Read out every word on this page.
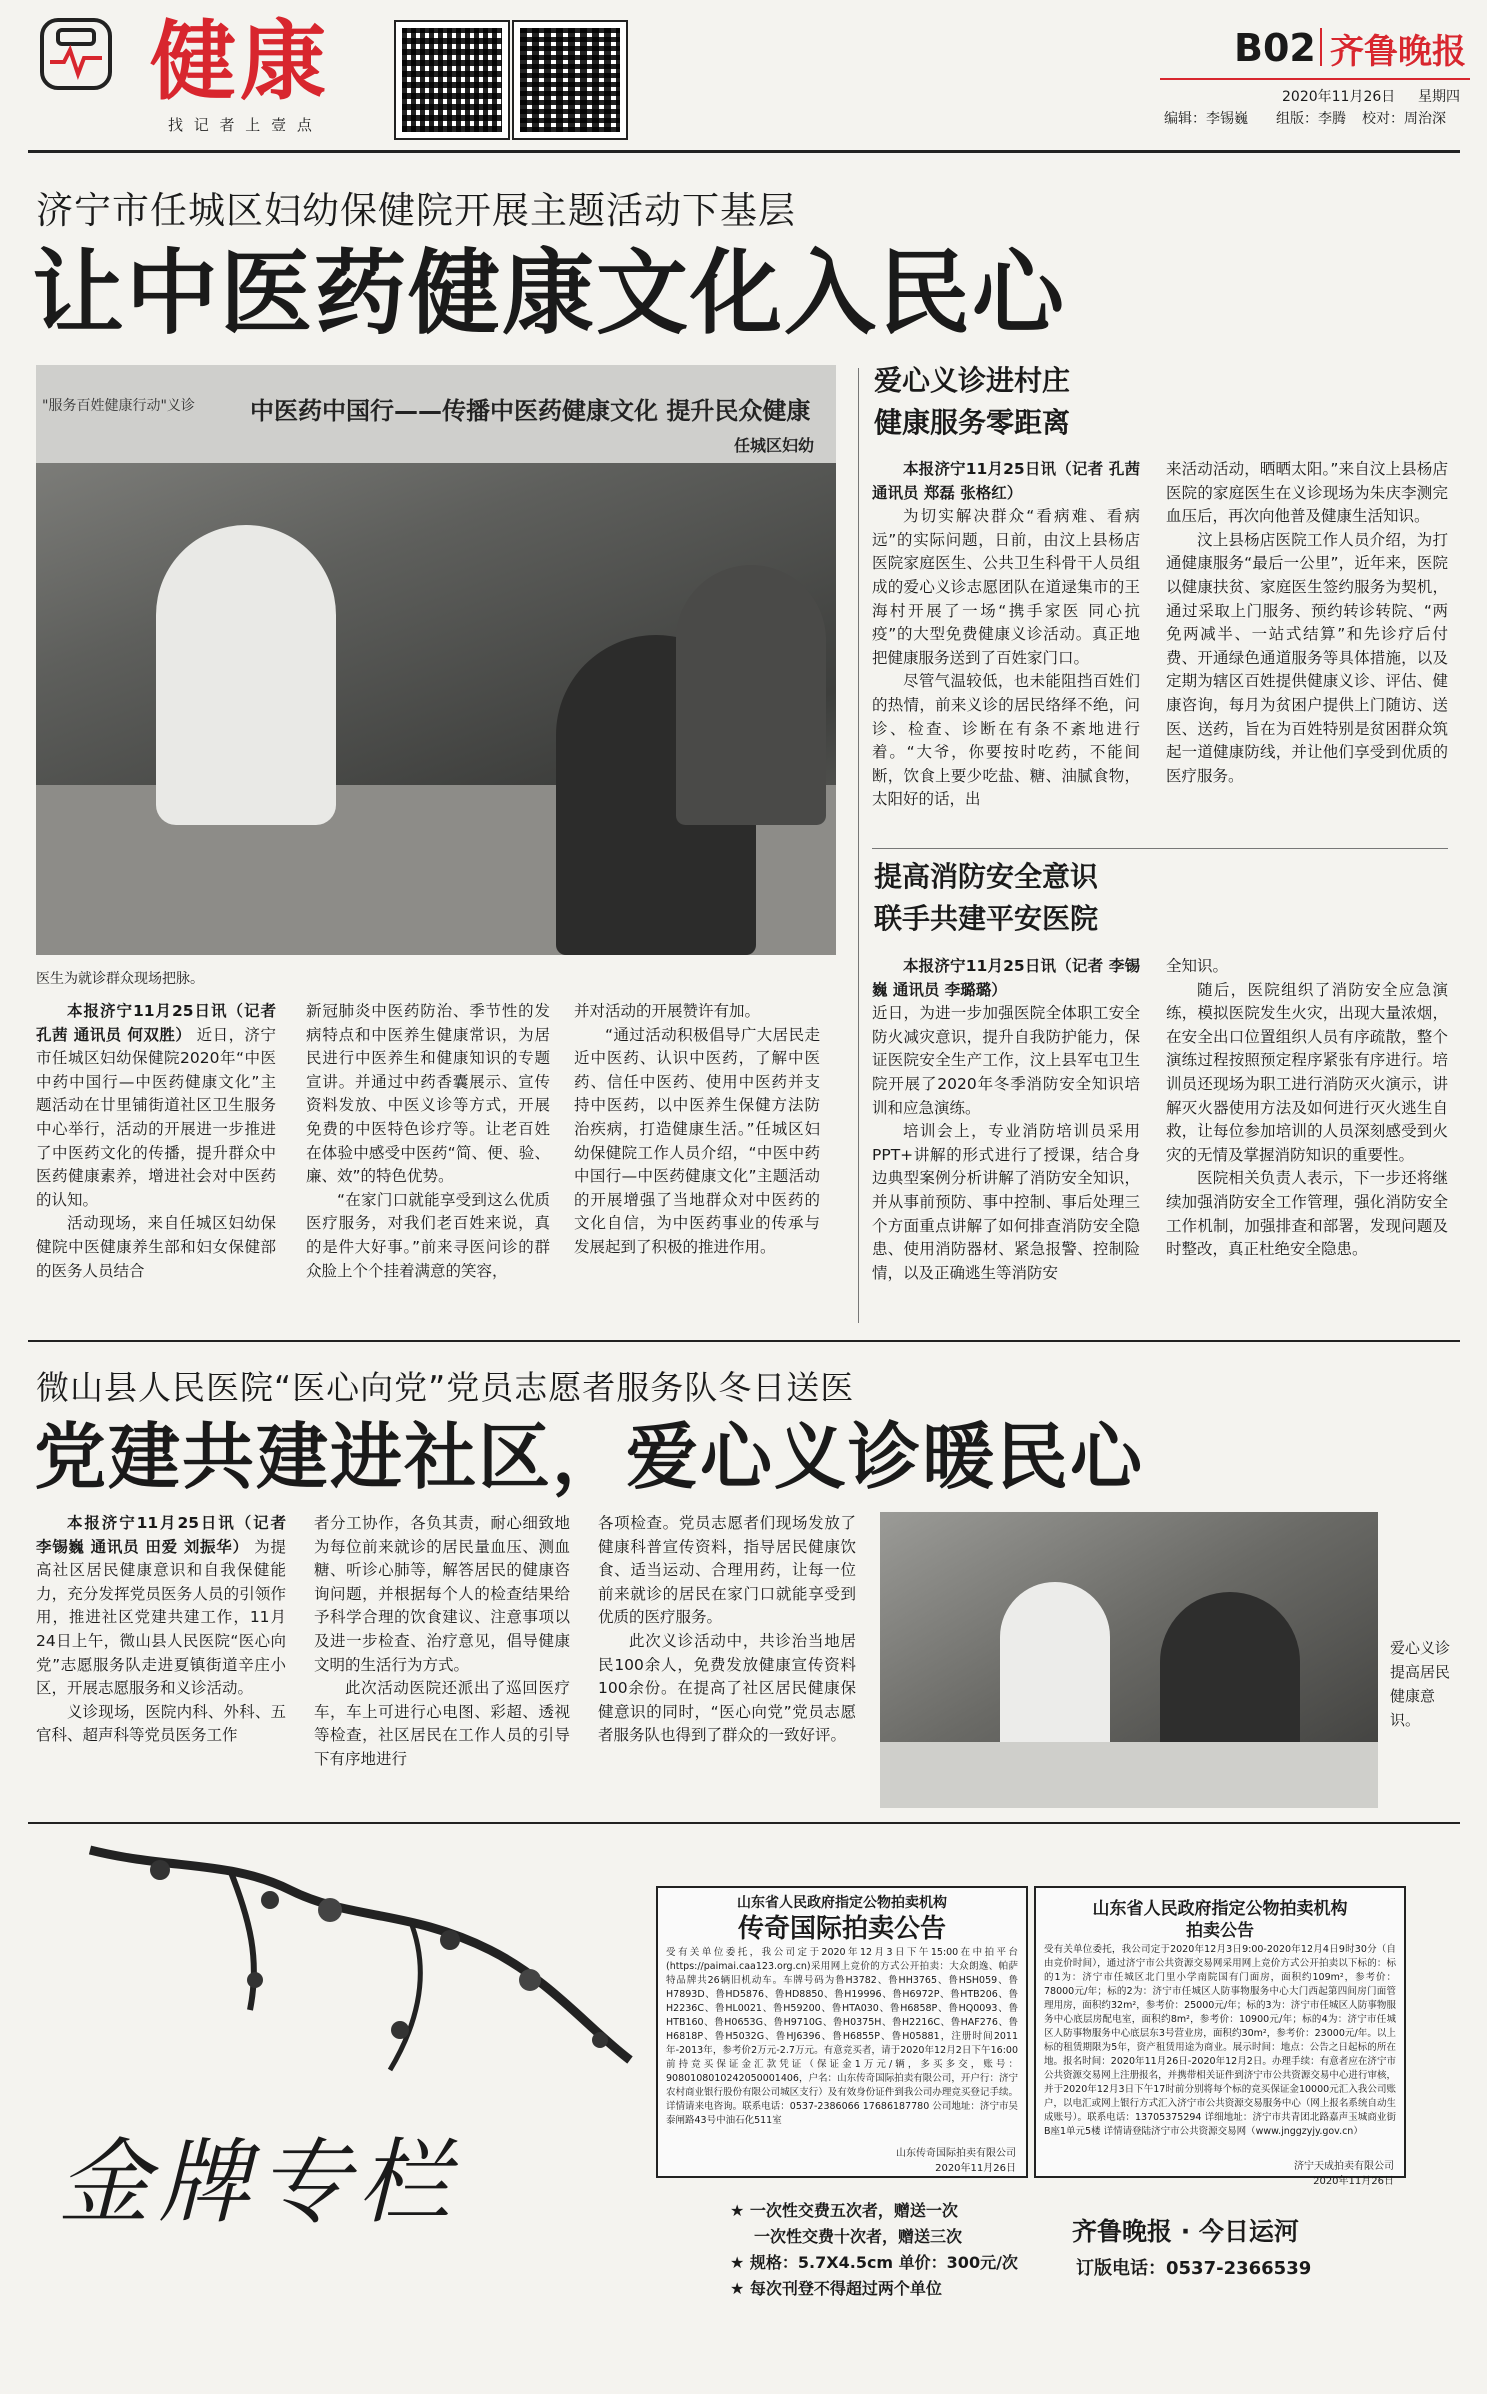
健康
找 记 者 上 壹 点
B02 齐鲁晚报
2020年11月26日 星期四
编辑：李锡巍 组版：李腾 校对：周治深
济宁市任城区妇幼保健院开展主题活动下基层
让中医药健康文化入民心
"服务百姓健康行动"义诊 中医药中国行——传播中医药健康文化 提升民众健康
任城区妇幼
医生为就诊群众现场把脉。

本报济宁11月25日讯（记者 孔茜 通讯员 何双胜） 近日，济宁市任城区妇幼保健院2020年“中医中药中国行—中医药健康文化”主题活动在廿里铺街道社区卫生服务中心举行，活动的开展进一步推进了中医药文化的传播，提升群众中医药健康素养，增进社会对中医药的认知。

活动现场，来自任城区妇幼保健院中医健康养生部和妇女保健部的医务人员结合

新冠肺炎中医药防治、季节性的发病特点和中医养生健康常识，为居民进行中医养生和健康知识的专题宣讲。并通过中药香囊展示、宣传资料发放、中医义诊等方式，开展免费的中医特色诊疗等。让老百姓在体验中感受中医药“简、便、验、廉、效”的特色优势。

“在家门口就能享受到这么优质医疗服务，对我们老百姓来说，真的是件大好事。”前来寻医问诊的群众脸上个个挂着满意的笑容，

并对活动的开展赞许有加。

“通过活动积极倡导广大居民走近中医药、认识中医药，了解中医药、信任中医药、使用中医药并支持中医药，以中医养生保健方法防治疾病，打造健康生活。”任城区妇幼保健院工作人员介绍，“中医中药中国行—中医药健康文化”主题活动的开展增强了当地群众对中医药的文化自信，为中医药事业的传承与发展起到了积极的推进作用。

爱心义诊进村庄
健康服务零距离

本报济宁11月25日讯（记者 孔茜 通讯员 郑磊 张格红）

为切实解决群众“看病难、看病远”的实际问题，日前，由汶上县杨店医院家庭医生、公共卫生科骨干人员组成的爱心义诊志愿团队在道逯集市的王海村开展了一场“携手家医 同心抗疫”的大型免费健康义诊活动。真正地把健康服务送到了百姓家门口。

尽管气温较低，也未能阻挡百姓们的热情，前来义诊的居民络绎不绝，问诊、检查、诊断在有条不紊地进行着。“大爷，你要按时吃药，不能间断，饮食上要少吃盐、糖、油腻食物，太阳好的话，出

来活动活动，晒晒太阳。”来自汶上县杨店医院的家庭医生在义诊现场为朱庆李测完血压后，再次向他普及健康生活知识。

汶上县杨店医院工作人员介绍，为打通健康服务“最后一公里”，近年来，医院以健康扶贫、家庭医生签约服务为契机，通过采取上门服务、预约转诊转院、“两免两减半、一站式结算”和先诊疗后付费、开通绿色通道服务等具体措施，以及定期为辖区百姓提供健康义诊、评估、健康咨询，每月为贫困户提供上门随访、送医、送药，旨在为百姓特别是贫困群众筑起一道健康防线，并让他们享受到优质的医疗服务。

提高消防安全意识
联手共建平安医院

本报济宁11月25日讯（记者 李锡巍 通讯员 李璐璐）

近日，为进一步加强医院全体职工安全防火减灾意识，提升自我防护能力，保证医院安全生产工作，汶上县军屯卫生院开展了2020年冬季消防安全知识培训和应急演练。

培训会上，专业消防培训员采用PPT+讲解的形式进行了授课，结合身边典型案例分析讲解了消防安全知识，并从事前预防、事中控制、事后处理三个方面重点讲解了如何排查消防安全隐患、使用消防器材、紧急报警、控制险情，以及正确逃生等消防安

全知识。

随后，医院组织了消防安全应急演练，模拟医院发生火灾，出现大量浓烟，在安全出口位置组织人员有序疏散，整个演练过程按照预定程序紧张有序进行。培训员还现场为职工进行消防灭火演示，讲解灭火器使用方法及如何进行灭火逃生自救，让每位参加培训的人员深刻感受到火灾的无情及掌握消防知识的重要性。

医院相关负责人表示，下一步还将继续加强消防安全工作管理，强化消防安全工作机制，加强排查和部署，发现问题及时整改，真正杜绝安全隐患。

微山县人民医院“医心向党”党员志愿者服务队冬日送医
党建共建进社区，爱心义诊暖民心

本报济宁11月25日讯（记者 李锡巍 通讯员 田爱 刘振华） 为提高社区居民健康意识和自我保健能力，充分发挥党员医务人员的引领作用，推进社区党建共建工作，11月24日上午，微山县人民医院“医心向党”志愿服务队走进夏镇街道辛庄小区，开展志愿服务和义诊活动。

义诊现场，医院内科、外科、五官科、超声科等党员医务工作

者分工协作，各负其责，耐心细致地为每位前来就诊的居民量血压、测血糖、听诊心肺等，解答居民的健康咨询问题，并根据每个人的检查结果给予科学合理的饮食建议、注意事项以及进一步检查、治疗意见，倡导健康文明的生活行为方式。

此次活动医院还派出了巡回医疗车，车上可进行心电图、彩超、透视等检查，社区居民在工作人员的引导下有序地进行

各项检查。党员志愿者们现场发放了健康科普宣传资料，指导居民健康饮食、适当运动、合理用药，让每一位前来就诊的居民在家门口就能享受到优质的医疗服务。

此次义诊活动中，共诊治当地居民100余人，免费发放健康宣传资料100余份。在提高了社区居民健康保健意识的同时，“医心向党”党员志愿者服务队也得到了群众的一致好评。

爱心义诊提高居民健康意识。
金牌专栏
山东省人民政府指定公物拍卖机构
传奇国际拍卖公告
受有关单位委托，我公司定于2020年12月3日下午15:00在中拍平台(https://paimai.caa123.org.cn)采用网上竞价的方式公开拍卖：大众朗逸、帕萨特品牌共26辆旧机动车。车牌号码为鲁H3782、鲁HH3765、鲁HSH059、鲁H7893D、鲁HD5876、鲁HD8850、鲁H19996、鲁H6972P、鲁HTB206、鲁H2236C、鲁HL0021、鲁H59200、鲁HTA030、鲁H6858P、鲁HQ0093、鲁HTB160、鲁H0653G、鲁H9710G、鲁H0375H、鲁H2216C、鲁HAF276、鲁H6818P、鲁H5032G、鲁HJ6396、鲁H6855P、鲁H05881，注册时间2011年-2013年，参考价2万元-2.7万元。有意竞买者，请于2020年12月2日下午16:00前持竞买保证金汇款凭证（保证金1万元/辆，多买多交，账号：9080108010242050001406，户名：山东传奇国际拍卖有限公司，开户行：济宁农村商业银行股份有限公司城区支行）及有效身份证件到我公司办理竞买登记手续。详情请来电咨询。联系电话：0537-2386066 17686187780 公司地址：济宁市吴泰闸路43号中油石化511室
山东传奇国际拍卖有限公司
2020年11月26日
山东省人民政府指定公物拍卖机构
拍卖公告
受有关单位委托，我公司定于2020年12月3日9:00-2020年12月4日9时30分（自由竞价时间），通过济宁市公共资源交易网采用网上竞价方式公开拍卖以下标的：标的1为：济宁市任城区北门里小学南院国有门面房，面积约109m²，参考价：78000元/年；标的2为：济宁市任城区人防事物服务中心大门西起第四间房门面管理用房，面积约32m²，参考价：25000元/年；标的3为：济宁市任城区人防事物服务中心底层房配电室，面积约8m²，参考价：10900元/年；标的4为：济宁市任城区人防事物服务中心底层东3号营业房，面积约30m²，参考价：23000元/年。以上标的租赁期限为5年，资产租赁用途为商业。展示时间：地点：公告之日起标的所在地。报名时间：2020年11月26日-2020年12月2日。办理手续：有意者应在济宁市公共资源交易网上注册报名，并携带相关证件到济宁市公共资源交易中心进行审核，并于2020年12月3日下午17时前分别将每个标的竞买保证金10000元汇入我公司账户，以电汇或网上银行方式汇入济宁市公共资源交易服务中心（网上报名系统自动生成账号）。联系电话：13705375294 详细地址：济宁市共青团北路嘉声玉城商业街B座1单元5楼 详情请登陆济宁市公共资源交易网（www.jnggzyjy.gov.cn）
济宁天成拍卖有限公司
2020年11月26日
★ 一次性交费五次者，赠送一次
一次性交费十次者，赠送三次
★ 规格：5.7X4.5cm 单价：300元/次
★ 每次刊登不得超过两个单位
齐鲁晚报 · 今日运河
订版电话：0537-2366539
